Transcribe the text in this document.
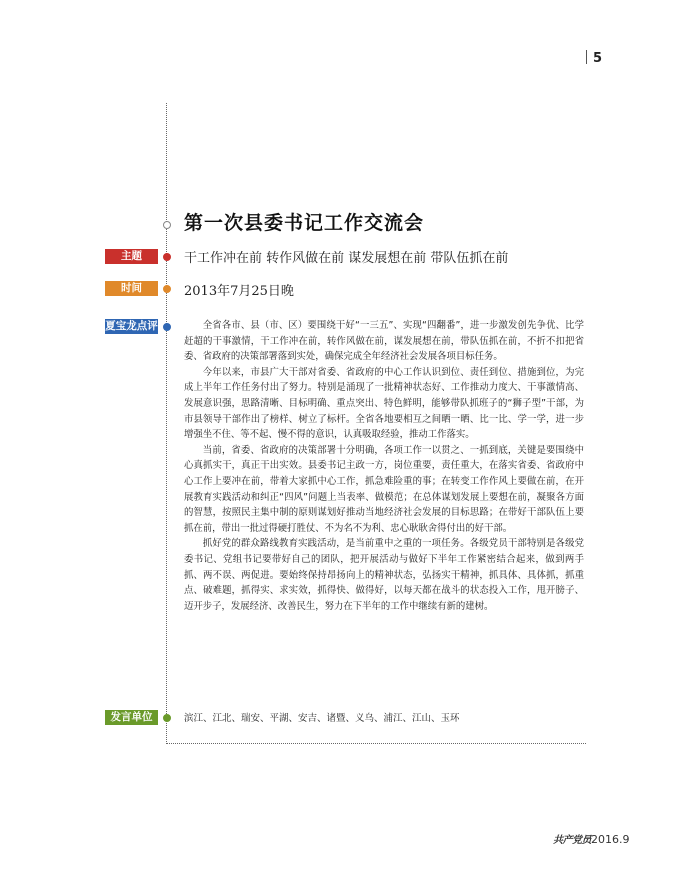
5
第一次县委书记工作交流会
主题	干工作冲在前 转作风做在前 谋发展想在前 带队伍抓在前
时间	2013年7月25日晚
夏宝龙点评	全省各市、县（市、区）要围绕干好“一三五”、实现“四翻番”，进一步激发创先争优、比学赶超的干事激情，干工作冲在前，转作风做在前，谋发展想在前，带队伍抓在前，不折不扣把省委、省政府的决策部署落到实处，确保完成全年经济社会发展各项目标任务。

今年以来，市县广大干部对省委、省政府的中心工作认识到位、责任到位、措施到位，为完成上半年工作任务付出了努力。特别是涌现了一批精神状态好、工作推动力度大、干事激情高、发展意识强，思路清晰、目标明确、重点突出、特色鲜明，能够带队抓班子的“狮子型”干部，为市县领导干部作出了榜样、树立了标杆。全省各地要相互之间晒一晒、比一比、学一学，进一步增强坐不住、等不起、慢不得的意识，认真吸取经验，推动工作落实。

当前，省委、省政府的决策部署十分明确，各项工作一以贯之、一抓到底，关键是要围绕中心真抓实干，真正干出实效。县委书记主政一方，岗位重要，责任重大，在落实省委、省政府中心工作上要冲在前，带着大家抓中心工作，抓急难险重的事；在转变工作作风上要做在前，在开展教育实践活动和纠正“四风”问题上当表率、做模范；在总体谋划发展上要想在前，凝聚各方面的智慧，按照民主集中制的原则谋划好推动当地经济社会发展的目标思路；在带好干部队伍上要抓在前，带出一批过得硬打胜仗、不为名不为利、忠心耿耿舍得付出的好干部。

抓好党的群众路线教育实践活动，是当前重中之重的一项任务。各级党员干部特别是各级党委书记、党组书记要带好自己的团队，把开展活动与做好下半年工作紧密结合起来，做到两手抓、两不误、两促进。要始终保持昂扬向上的精神状态，弘扬实干精神，抓具体、具体抓，抓重点、破难题，抓得实、求实效，抓得快、做得好，以每天都在战斗的状态投入工作，甩开膀子、迈开步子，发展经济、改善民生，努力在下半年的工作中继续有新的建树。

发言单位	滨江、江北、瑞安、平湖、安吉、诸暨、义乌、浦江、江山、玉环
共产党员2016.9
